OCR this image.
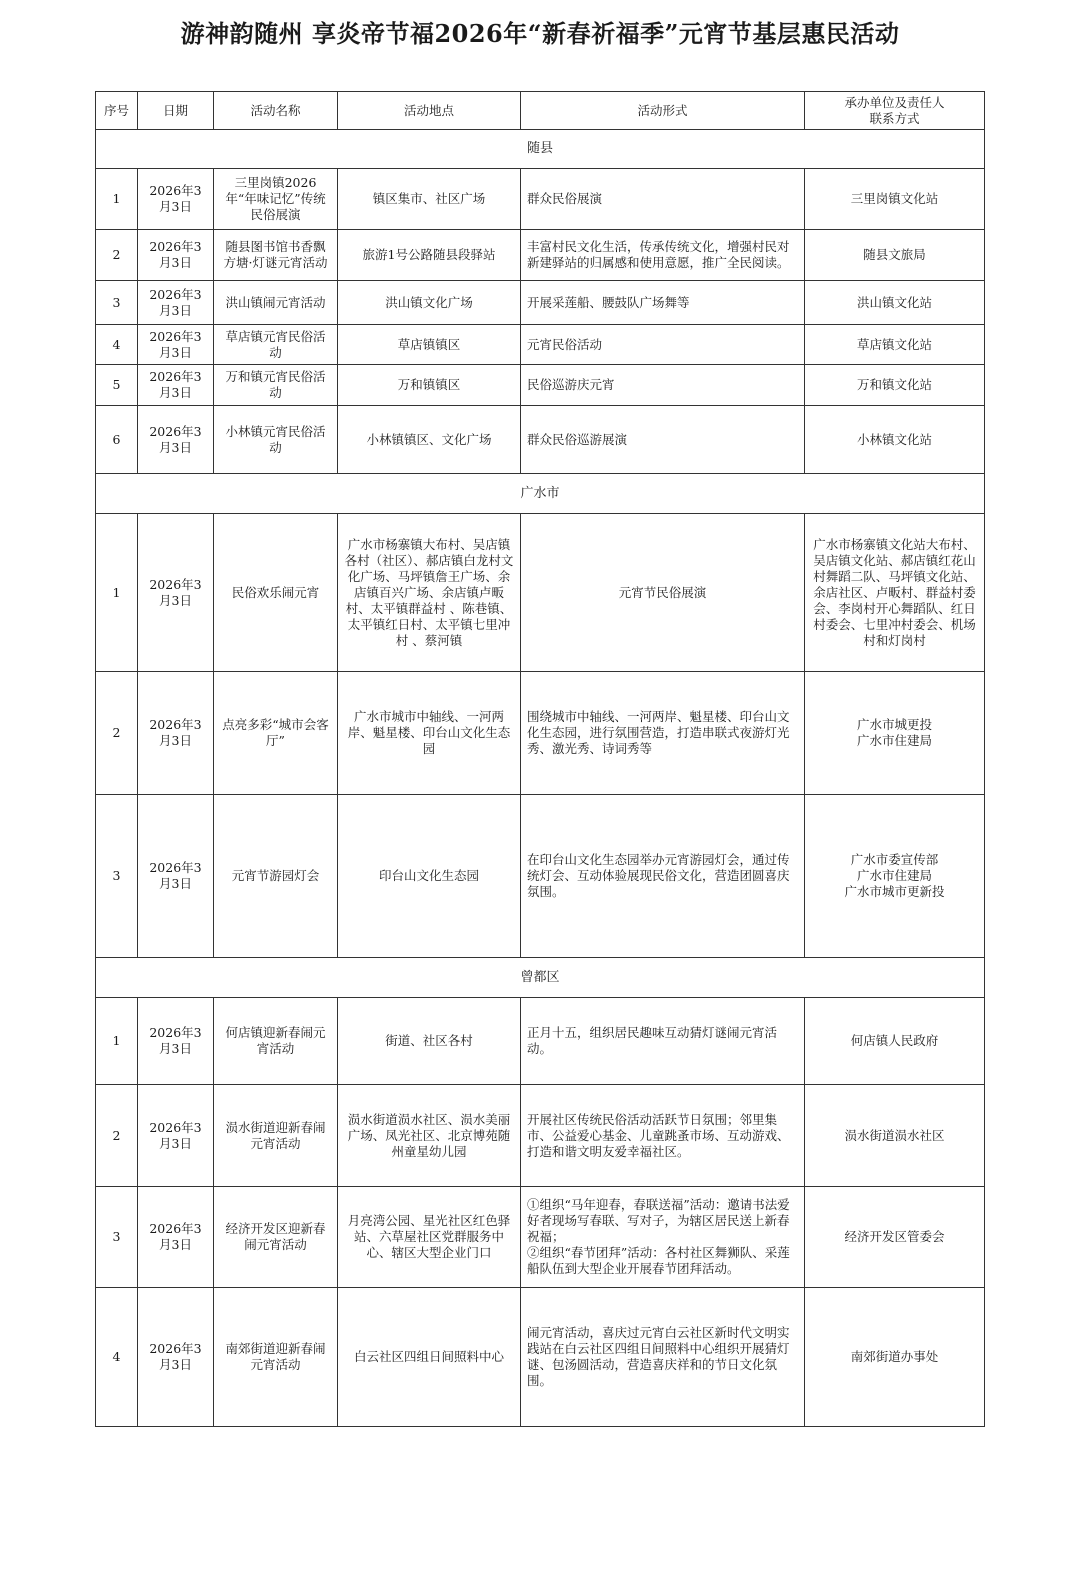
游神韵随州 享炎帝节福2026年“新春祈福季”元宵节基层惠民活动
序号	日期	活动名称	活动地点	活动形式	承办单位及责任人
联系方式
随县					
1	2026年3月3日	三里岗镇2026年“年味记忆”传统民俗展演	镇区集市、社区广场	群众民俗展演	三里岗镇文化站
2	2026年3月3日	随县图书馆书香飘方塘·灯谜元宵活动	旅游1号公路随县段驿站	丰富村民文化生活，传承传统文化，增强村民对新建驿站的归属感和使用意愿，推广全民阅读。	随县文旅局
3	2026年3月3日	洪山镇闹元宵活动	洪山镇文化广场	开展采莲船、腰鼓队广场舞等	洪山镇文化站
4	2026年3月3日	草店镇元宵民俗活动	草店镇镇区	元宵民俗活动	草店镇文化站
5	2026年3月3日	万和镇元宵民俗活动	万和镇镇区	民俗巡游庆元宵	万和镇文化站
6	2026年3月3日	小林镇元宵民俗活动	小林镇镇区、文化广场	群众民俗巡游展演	小林镇文化站
广水市					
1	2026年3月3日	民俗欢乐闹元宵	广水市杨寨镇大布村、吴店镇各村（社区）、郝店镇白龙村文化广场、马坪镇詹王广场、余店镇百兴广场、余店镇卢畈村、太平镇群益村 、陈巷镇、太平镇红日村、太平镇七里冲村 、蔡河镇	元宵节民俗展演	广水市杨寨镇文化站大布村、吴店镇文化站、郝店镇红花山村舞蹈二队、马坪镇文化站、余店社区、卢畈村、群益村委会、李岗村开心舞蹈队、红日村委会、七里冲村委会、机场村和灯岗村
2	2026年3月3日	点亮多彩“城市会客厅”	广水市城市中轴线、一河两岸、魁星楼、印台山文化生态园	围绕城市中轴线、一河两岸、魁星楼、印台山文化生态园，进行氛围营造，打造串联式夜游灯光秀、激光秀、诗词秀等	广水市城更投
广水市住建局
3	2026年3月3日	元宵节游园灯会	印台山文化生态园	在印台山文化生态园举办元宵游园灯会，通过传统灯会、互动体验展现民俗文化，营造团圆喜庆氛围。	广水市委宣传部
广水市住建局
广水市城市更新投
曾都区					
1	2026年3月3日	何店镇迎新春闹元宵活动	街道、社区各村	正月十五，组织居民趣味互动猜灯谜闹元宵活动。	何店镇人民政府
2	2026年3月3日	涢水街道迎新春闹元宵活动	涢水街道涢水社区、涢水美丽广场、凤光社区、北京博苑随州童星幼儿园	开展社区传统民俗活动活跃节日氛围；邻里集市、公益爱心基金、儿童跳蚤市场、互动游戏、打造和谐文明友爱幸福社区。	涢水街道涢水社区
3	2026年3月3日	经济开发区迎新春闹元宵活动	月亮湾公园、星光社区红色驿站、六草屋社区党群服务中心、辖区大型企业门口	①组织“马年迎春，春联送福”活动：邀请书法爱好者现场写春联、写对子，为辖区居民送上新春祝福；
②组织“春节团拜”活动：各村社区舞狮队、采莲船队伍到大型企业开展春节团拜活动。	经济开发区管委会
4	2026年3月3日	南郊街道迎新春闹元宵活动	白云社区四组日间照料中心	闹元宵活动，喜庆过元宵白云社区新时代文明实践站在白云社区四组日间照料中心组织开展猜灯谜、包汤圆活动，营造喜庆祥和的节日文化氛围。	南郊街道办事处
